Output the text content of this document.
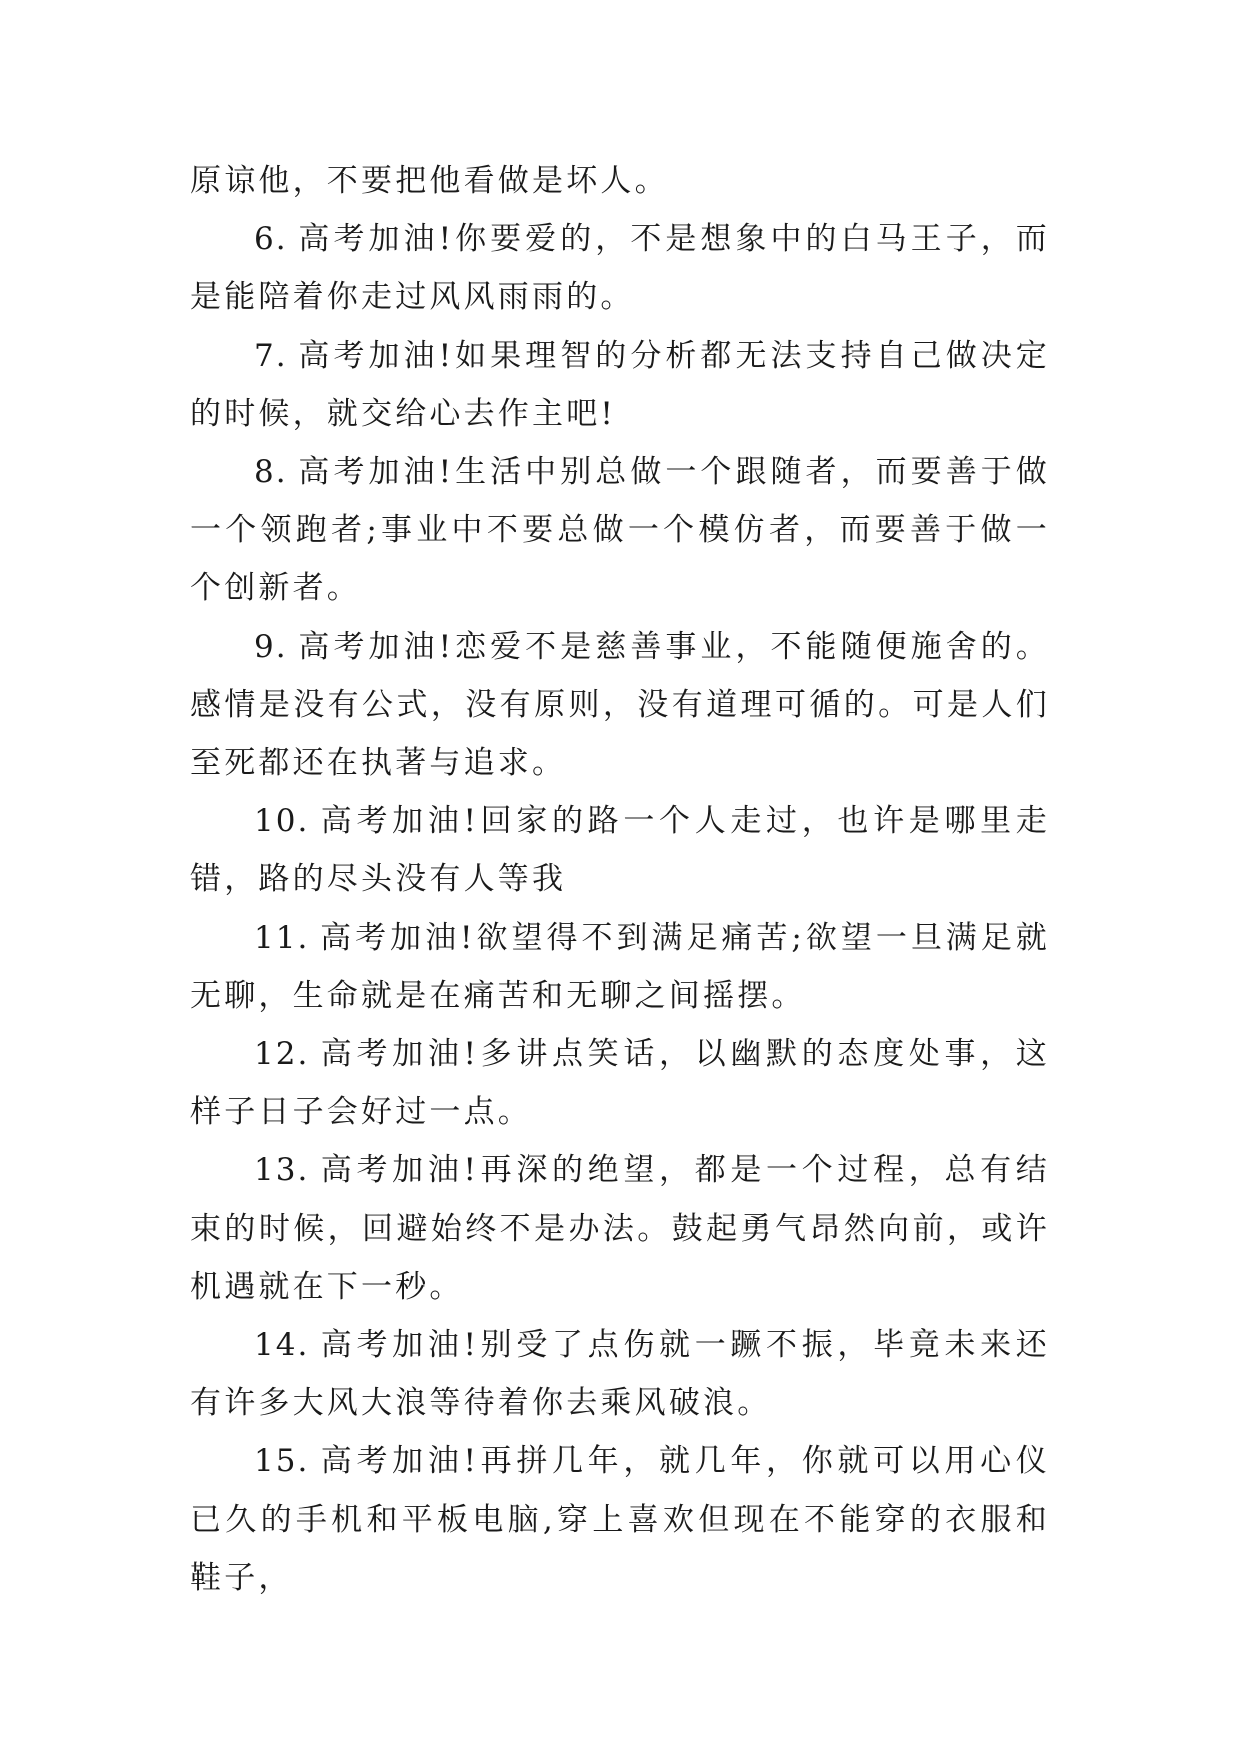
原谅他，不要把他看做是坏人。

6. 高考加油!你要爱的，不是想象中的白马王子，而是能陪着你走过风风雨雨的。

7. 高考加油!如果理智的分析都无法支持自己做决定的时候，就交给心去作主吧!

8. 高考加油!生活中别总做一个跟随者，而要善于做一个领跑者;事业中不要总做一个模仿者，而要善于做一个创新者。

9. 高考加油!恋爱不是慈善事业，不能随便施舍的。感情是没有公式，没有原则，没有道理可循的。可是人们至死都还在执著与追求。

10. 高考加油!回家的路一个人走过，也许是哪里走错，路的尽头没有人等我

11. 高考加油!欲望得不到满足痛苦;欲望一旦满足就无聊，生命就是在痛苦和无聊之间摇摆。

12. 高考加油!多讲点笑话，以幽默的态度处事，这样子日子会好过一点。

13. 高考加油!再深的绝望，都是一个过程，总有结束的时候，回避始终不是办法。鼓起勇气昂然向前，或许机遇就在下一秒。

14. 高考加油!别受了点伤就一蹶不振，毕竟未来还有许多大风大浪等待着你去乘风破浪。

15. 高考加油!再拼几年，就几年，你就可以用心仪已久的手机和平板电脑,穿上喜欢但现在不能穿的衣服和鞋子，
